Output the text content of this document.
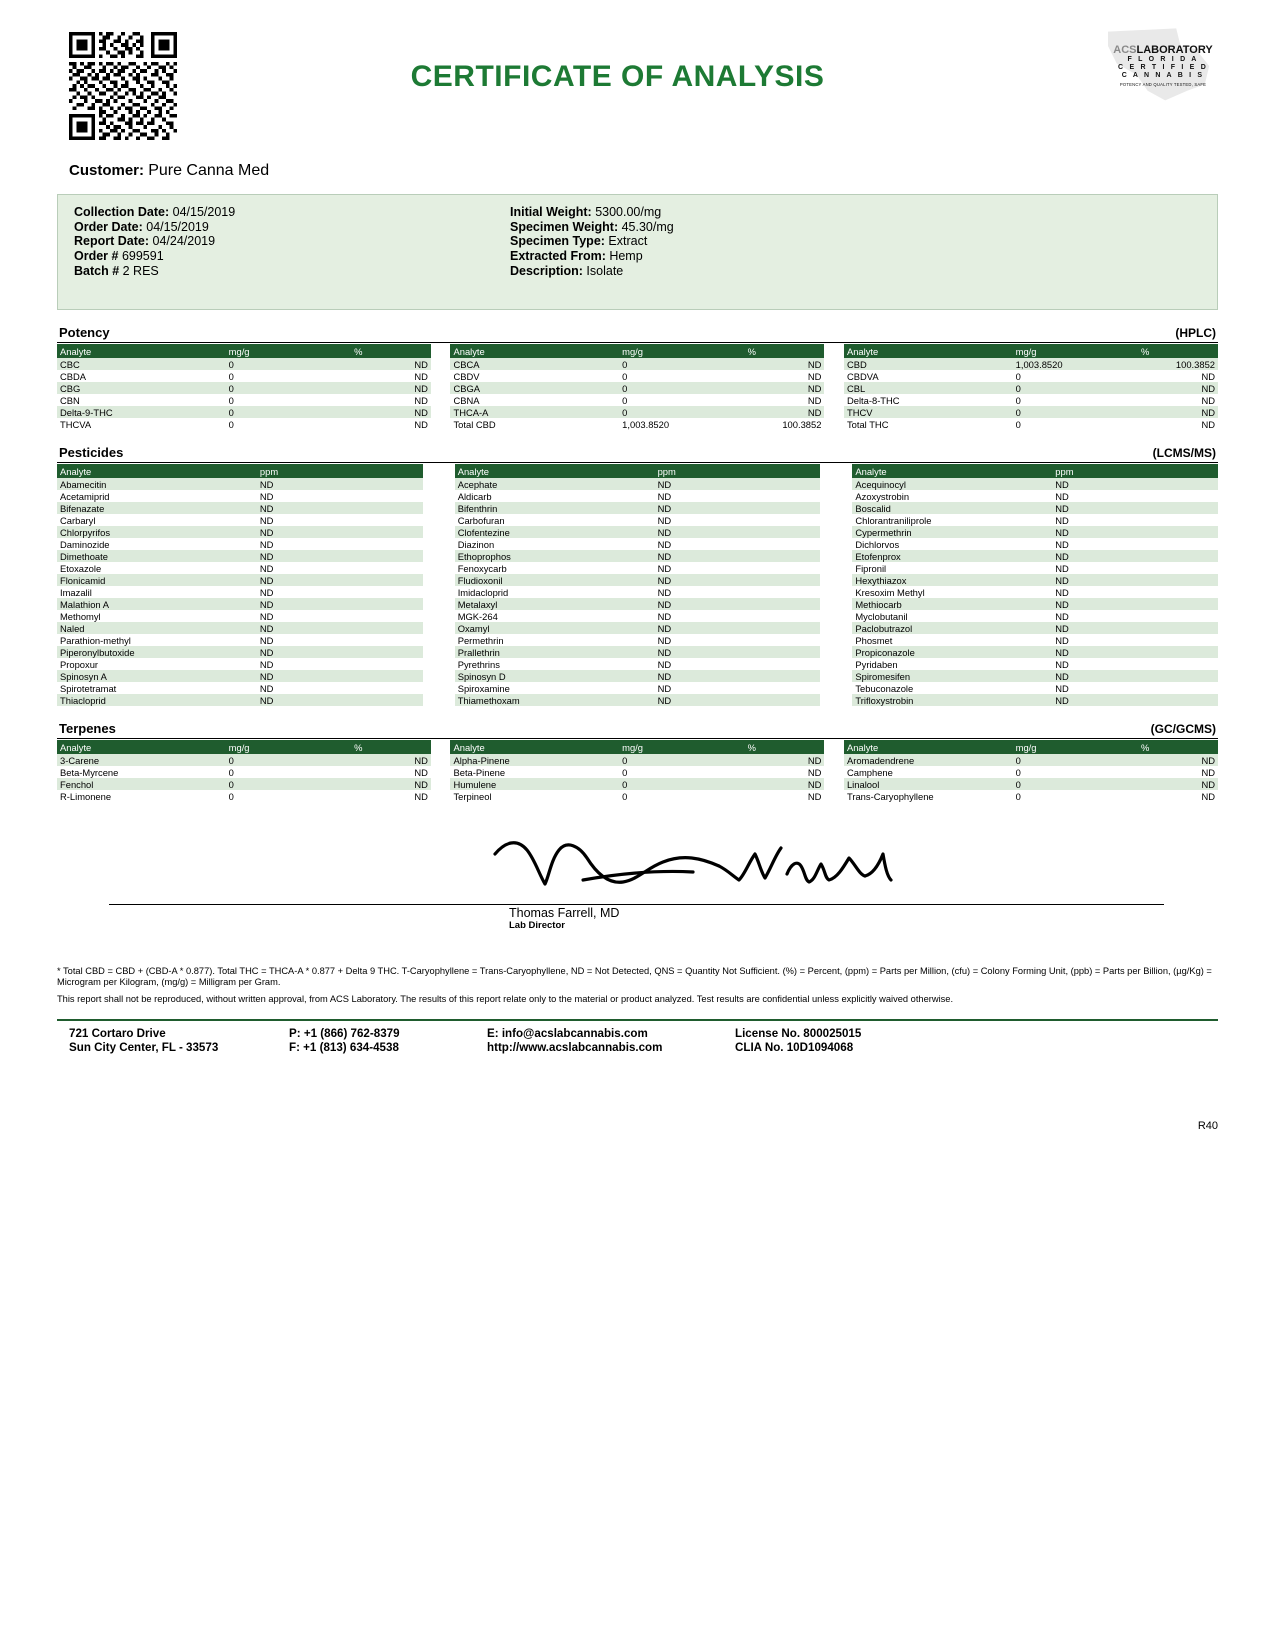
CERTIFICATE OF ANALYSIS
ACSLABORATORY
F L O R I D A
C E R T I F I E D
C A N N A B I S
POTENCY AND QUALITY TESTED, SAFE
Customer: Pure Canna Med
Collection Date: 04/15/2019
Order Date: 04/15/2019
Report Date: 04/24/2019
Order # 699591
Batch # 2 RES
Initial Weight: 5300.00/mg
Specimen Weight: 45.30/mg
Specimen Type: Extract
Extracted From: Hemp
Description: Isolate
Potency	(HPLC)
Analyte	mg/g	%		Analyte	mg/g	%		Analyte	mg/g	%
CBC	0	ND		CBCA	0	ND		CBD	1,003.8520	100.3852
CBDA	0	ND		CBDV	0	ND		CBDVA	0	ND
CBG	0	ND		CBGA	0	ND		CBL	0	ND
CBN	0	ND		CBNA	0	ND		Delta-8-THC	0	ND
Delta-9-THC	0	ND		THCA-A	0	ND		THCV	0	ND
THCVA	0	ND		Total CBD	1,003.8520	100.3852		Total THC	0	ND
Pesticides	(LCMS/MS)
Analyte	ppm		Analyte	ppm		Analyte	ppm
Abamecitin	ND		Acephate	ND		Acequinocyl	ND
Acetamiprid	ND		Aldicarb	ND		Azoxystrobin	ND
Bifenazate	ND		Bifenthrin	ND		Boscalid	ND
Carbaryl	ND		Carbofuran	ND		Chlorantraniliprole	ND
Chlorpyrifos	ND		Clofentezine	ND		Cypermethrin	ND
Daminozide	ND		Diazinon	ND		Dichlorvos	ND
Dimethoate	ND		Ethoprophos	ND		Etofenprox	ND
Etoxazole	ND		Fenoxycarb	ND		Fipronil	ND
Flonicamid	ND		Fludioxonil	ND		Hexythiazox	ND
Imazalil	ND		Imidacloprid	ND		Kresoxim Methyl	ND
Malathion A	ND		Metalaxyl	ND		Methiocarb	ND
Methomyl	ND		MGK-264	ND		Myclobutanil	ND
Naled	ND		Oxamyl	ND		Paclobutrazol	ND
Parathion-methyl	ND		Permethrin	ND		Phosmet	ND
Piperonylbutoxide	ND		Prallethrin	ND		Propiconazole	ND
Propoxur	ND		Pyrethrins	ND		Pyridaben	ND
Spinosyn A	ND		Spinosyn D	ND		Spiromesifen	ND
Spirotetramat	ND		Spiroxamine	ND		Tebuconazole	ND
Thiacloprid	ND		Thiamethoxam	ND		Trifloxystrobin	ND
Terpenes	(GC/GCMS)
Analyte	mg/g	%		Analyte	mg/g	%		Analyte	mg/g	%
3-Carene	0	ND		Alpha-Pinene	0	ND		Aromadendrene	0	ND
Beta-Myrcene	0	ND		Beta-Pinene	0	ND		Camphene	0	ND
Fenchol	0	ND		Humulene	0	ND		Linalool	0	ND
R-Limonene	0	ND		Terpineol	0	ND		Trans-Caryophyllene	0	ND
Thomas Farrell, MD
Lab Director

* Total CBD = CBD + (CBD-A * 0.877). Total THC = THCA-A * 0.877 + Delta 9 THC. T-Caryophyllene = Trans-Caryophyllene, ND = Not Detected, QNS = Quantity Not Sufficient. (%) = Percent, (ppm) = Parts per Million, (cfu) = Colony Forming Unit, (ppb) = Parts per Billion, (µg/Kg) = Microgram per Kilogram, (mg/g) = Milligram per Gram.

This report shall not be reproduced, without written approval, from ACS Laboratory. The results of this report relate only to the material or product analyzed. Test results are confidential unless explicitly waived otherwise.

721 Cortaro Drive
Sun City Center, FL - 33573
P: +1 (866) 762-8379
F: +1 (813) 634-4538
E: info@acslabcannabis.com
http://www.acslabcannabis.com
License No. 800025015
CLIA No. 10D1094068
R40
